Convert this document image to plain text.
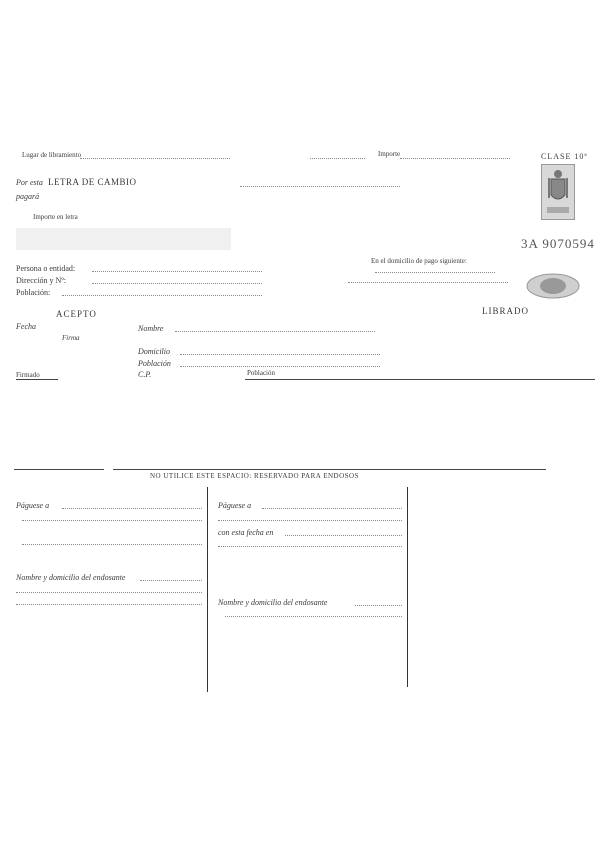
Lugar de libramiento	Importe	CLASE 10ª
Por esta LETRA DE CAMBIO
pagará
Importe en letra
3A 9070594
En el domicilio de pago siguiente:
Persona o entidad:
Dirección y Nº:
Población:
ACEPTO
Fecha
Firma
Firmado
LIBRADO
Nombre
Domicilio
Población
C.P.	Población
NO UTILICE ESTE ESPACIO: RESERVADO PARA ENDOSOS
Páguese a
Nombre y domicilio del endosante
Páguese a
con esta fecha en
Nombre y domicilio del endosante
